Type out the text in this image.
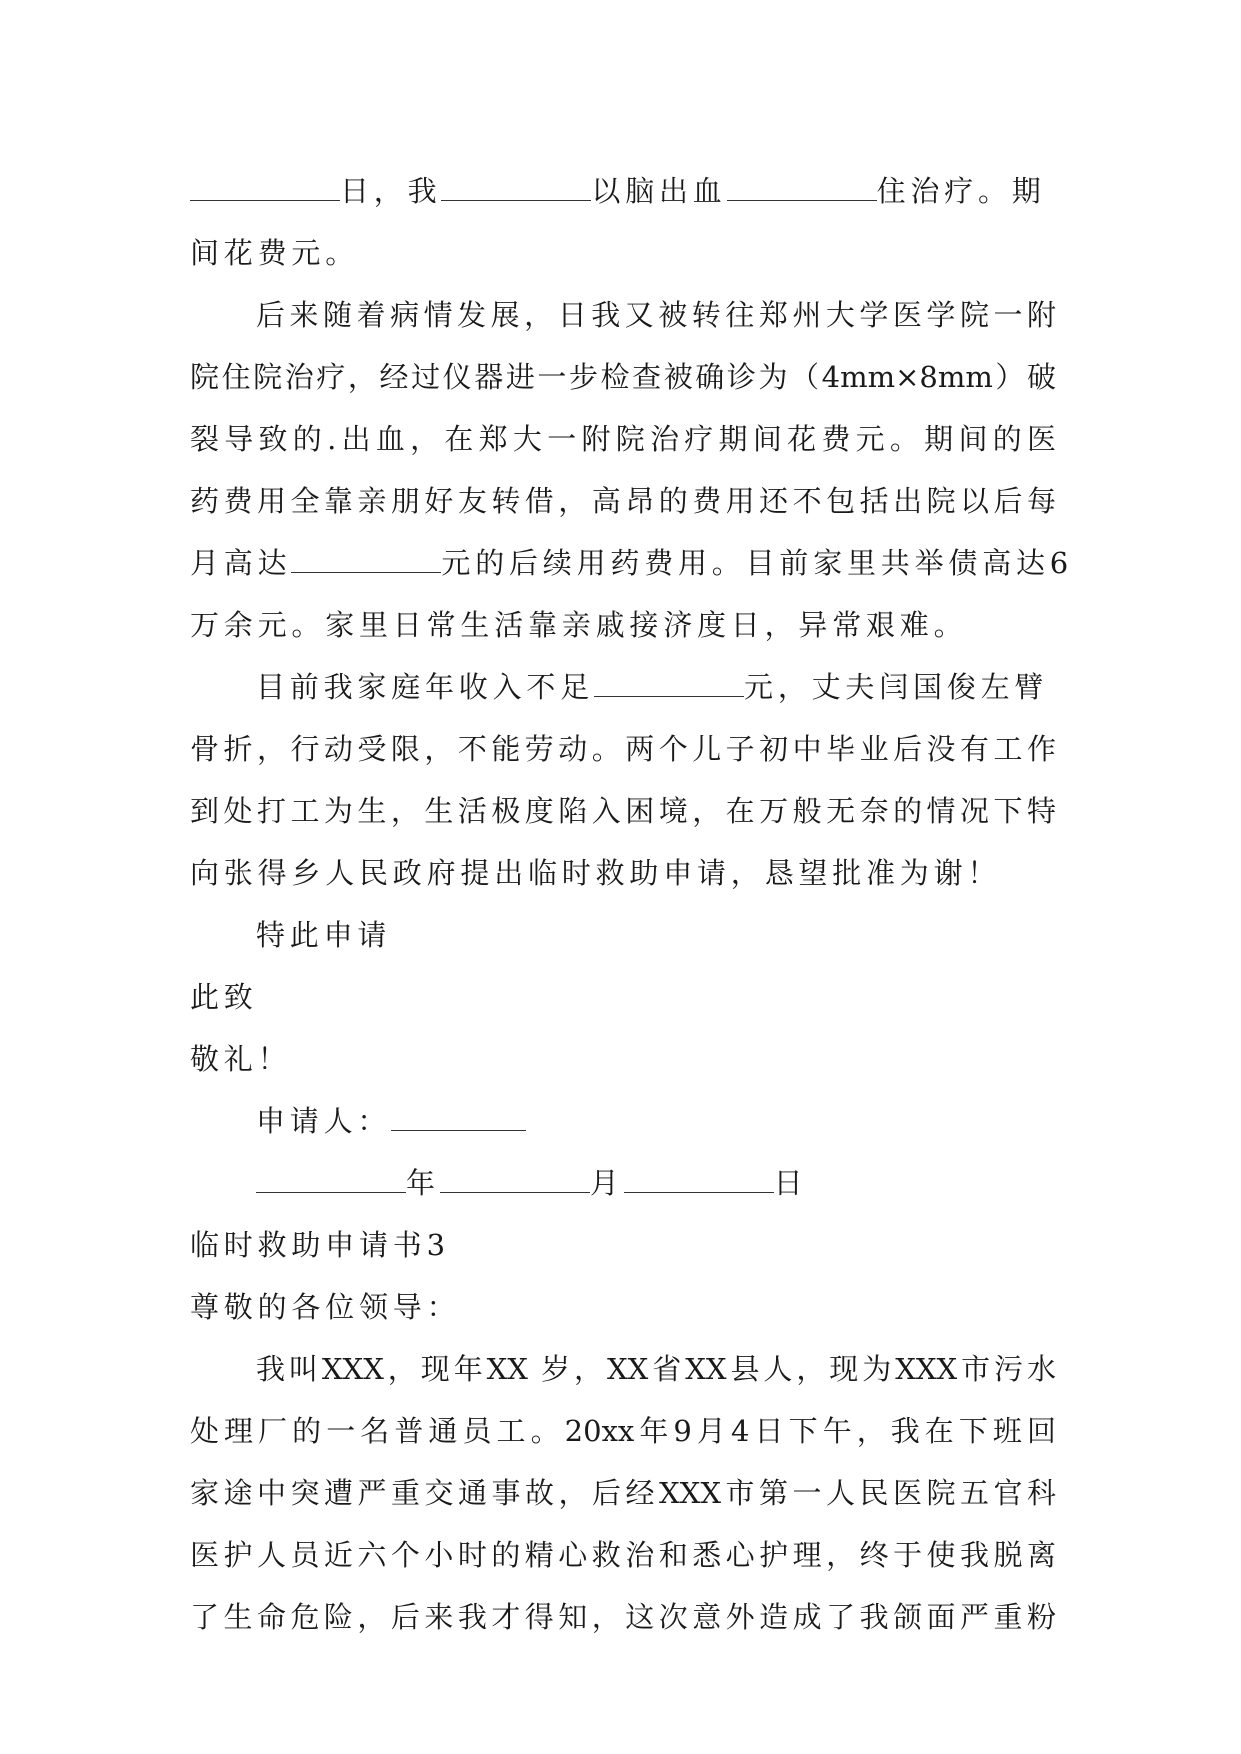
日，我	以脑出血	住治疗。期
间花费元。
后来随着病情发展，日我又被转往郑州大学医学院一附
院住院治疗，经过仪器进一步检查被确诊为（4mm×8mm）破
裂导致的.出血，在郑大一附院治疗期间花费元。期间的医
药费用全靠亲朋好友转借，高昂的费用还不包括出院以后每
月高达	元的后续用药费用。目前家里共举债高达6
万余元。家里日常生活靠亲戚接济度日，异常艰难。
目前我家庭年收入不足	元，丈夫闫国俊左臂
骨折，行动受限，不能劳动。两个儿子初中毕业后没有工作
到处打工为生，生活极度陷入困境，在万般无奈的情况下特
向张得乡人民政府提出临时救助申请，恳望批准为谢！
特此申请
此致
敬礼！
申请人：
年	月	日
临时救助申请书3
尊敬的各位领导：
我叫XXX，现年XX 岁，XX省XX县人，现为XXX市污水
处理厂的一名普通员工。20xx年9月4日下午，我在下班回
家途中突遭严重交通事故，后经XXX市第一人民医院五官科
医护人员近六个小时的精心救治和悉心护理，终于使我脱离
了生命危险，后来我才得知，这次意外造成了我颌面严重粉
